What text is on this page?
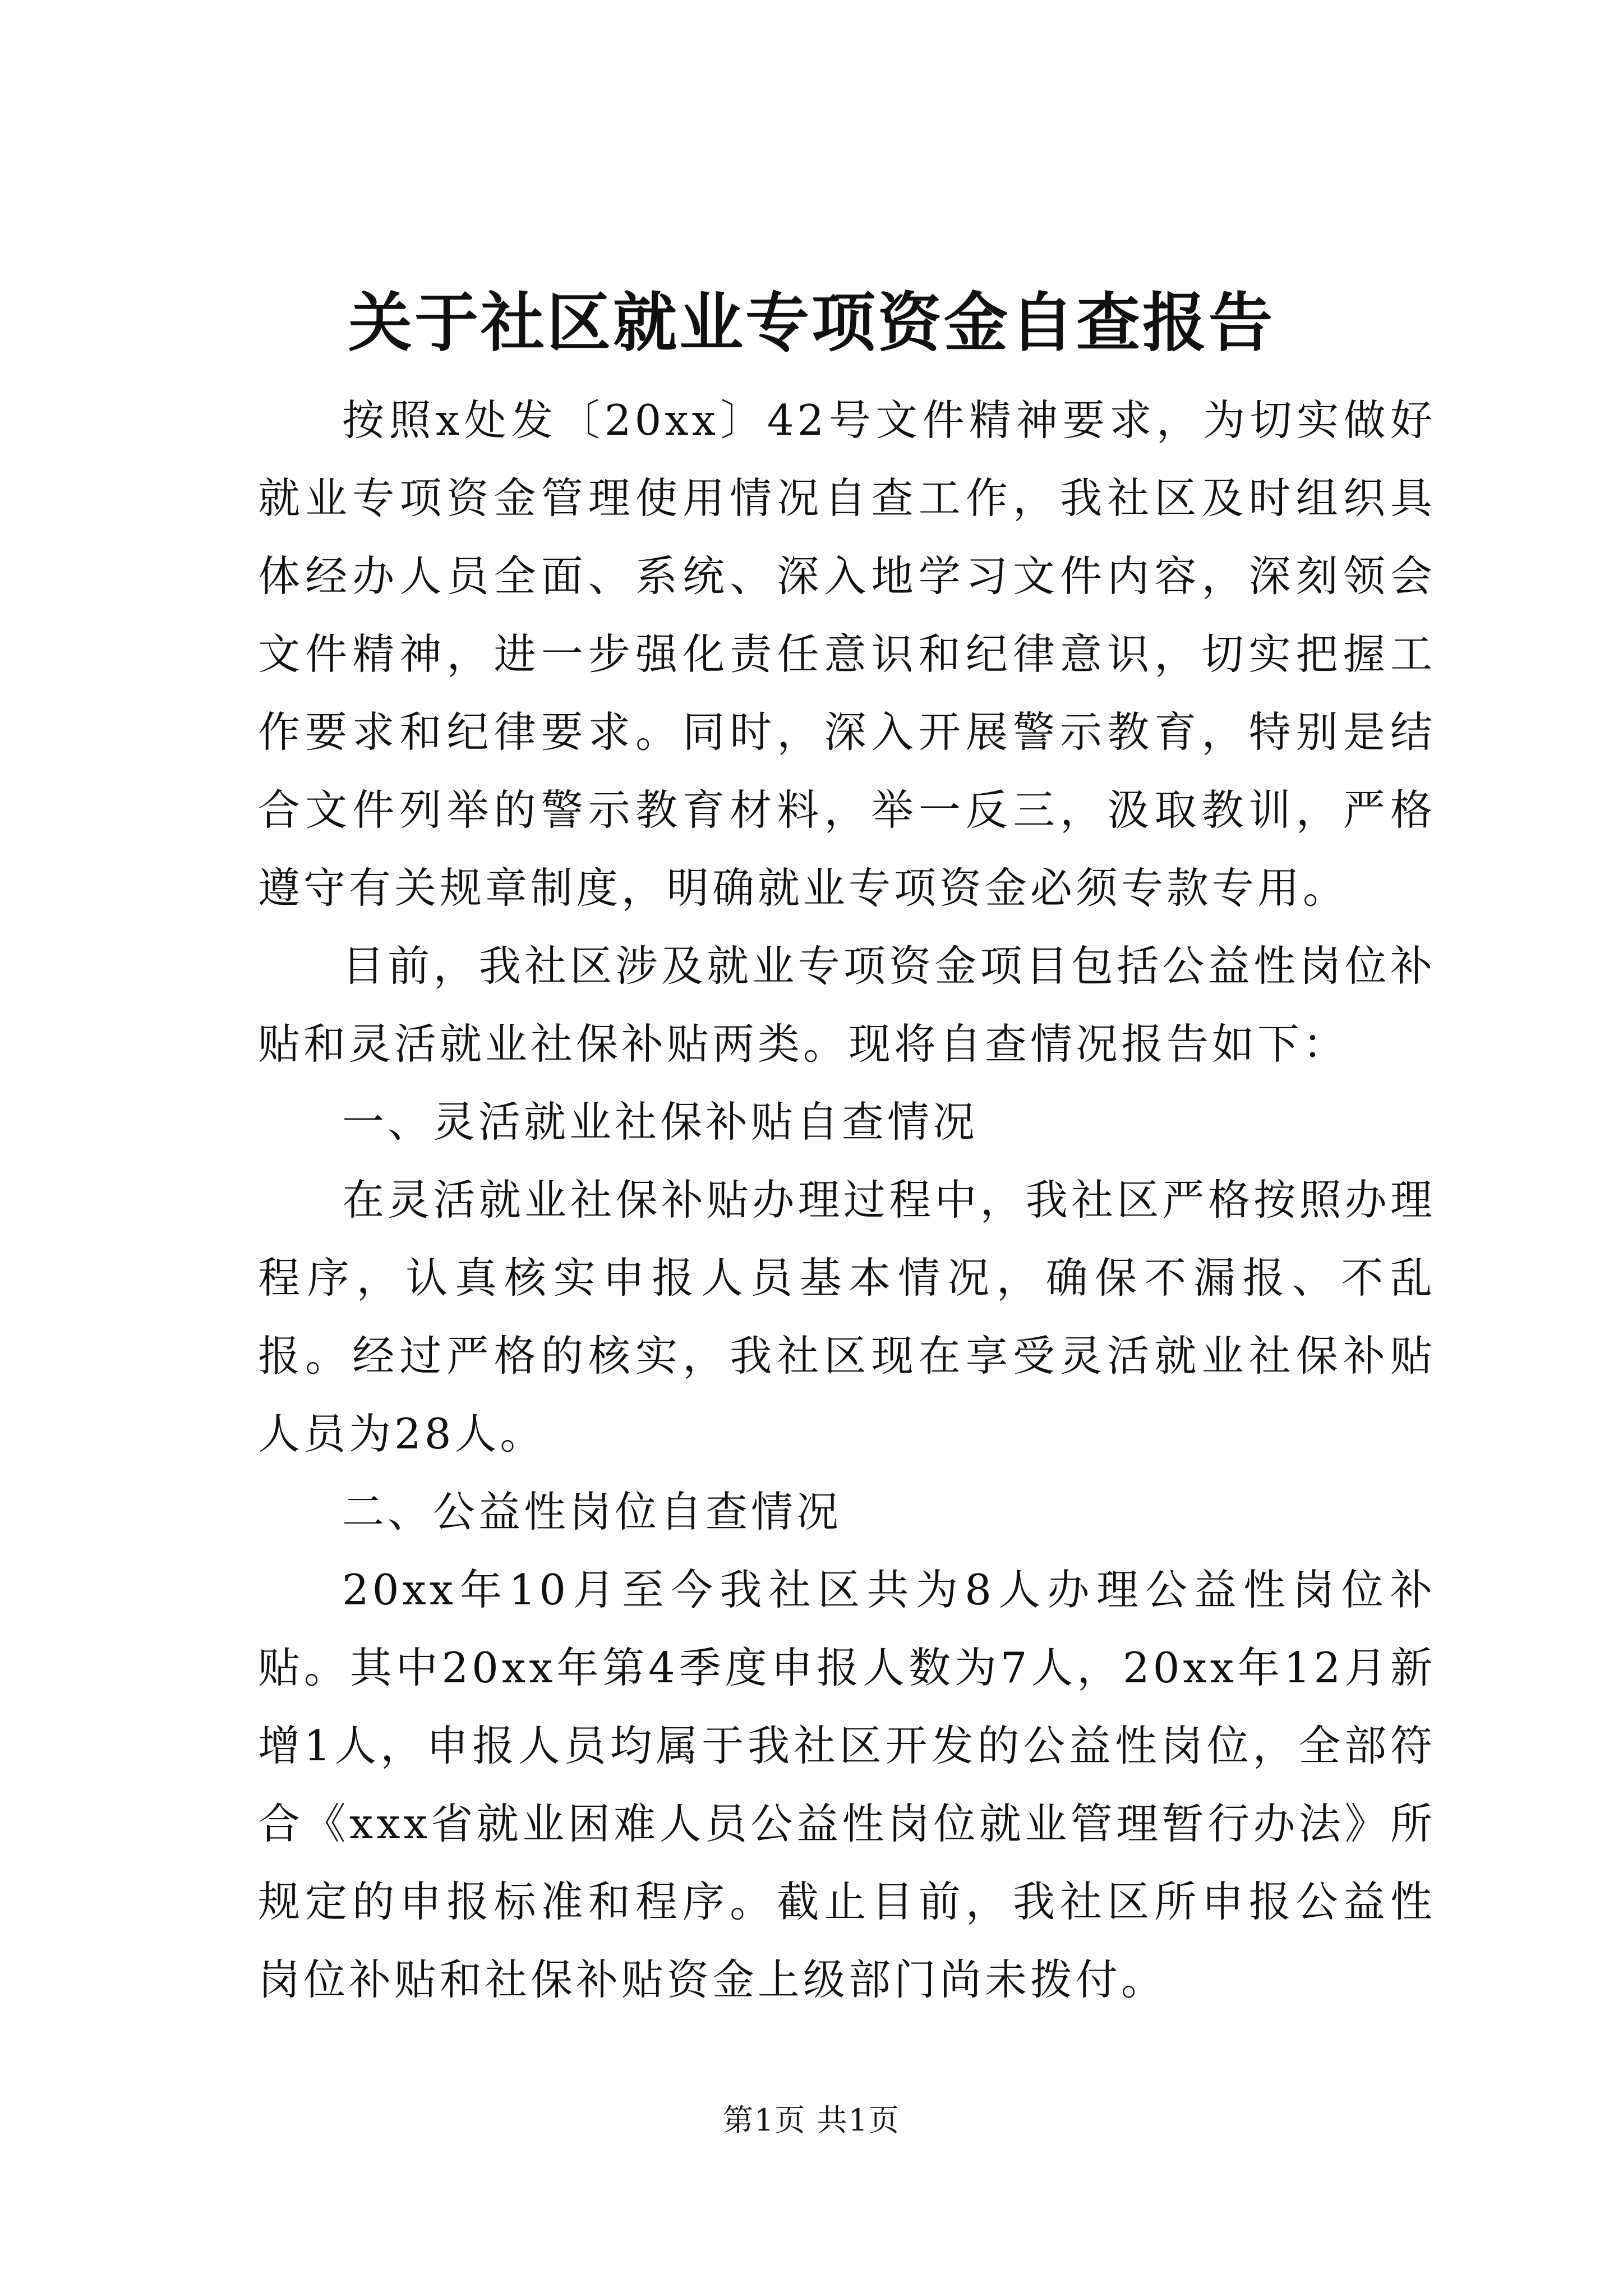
关于社区就业专项资金自查报告

按照x处发〔20xx〕42号文件精神要求，为切实做好就业专项资金管理使用情况自查工作，我社区及时组织具体经办人员全面、系统、深入地学习文件内容，深刻领会文件精神，进一步强化责任意识和纪律意识，切实把握工作要求和纪律要求。同时，深入开展警示教育，特别是结合文件列举的警示教育材料，举一反三，汲取教训，严格遵守有关规章制度，明确就业专项资金必须专款专用。

目前，我社区涉及就业专项资金项目包括公益性岗位补贴和灵活就业社保补贴两类。现将自查情况报告如下：

一、灵活就业社保补贴自查情况

在灵活就业社保补贴办理过程中，我社区严格按照办理程序，认真核实申报人员基本情况，确保不漏报、不乱报。经过严格的核实，我社区现在享受灵活就业社保补贴人员为28人。

二、公益性岗位自查情况

20xx年10月至今我社区共为8人办理公益性岗位补贴。其中20xx年第4季度申报人数为7人，20xx年12月新增1人，申报人员均属于我社区开发的公益性岗位，全部符合《xxx省就业困难人员公益性岗位就业管理暂行办法》所规定的申报标准和程序。截止目前，我社区所申报公益性岗位补贴和社保补贴资金上级部门尚未拨付。

第1页 共1页
